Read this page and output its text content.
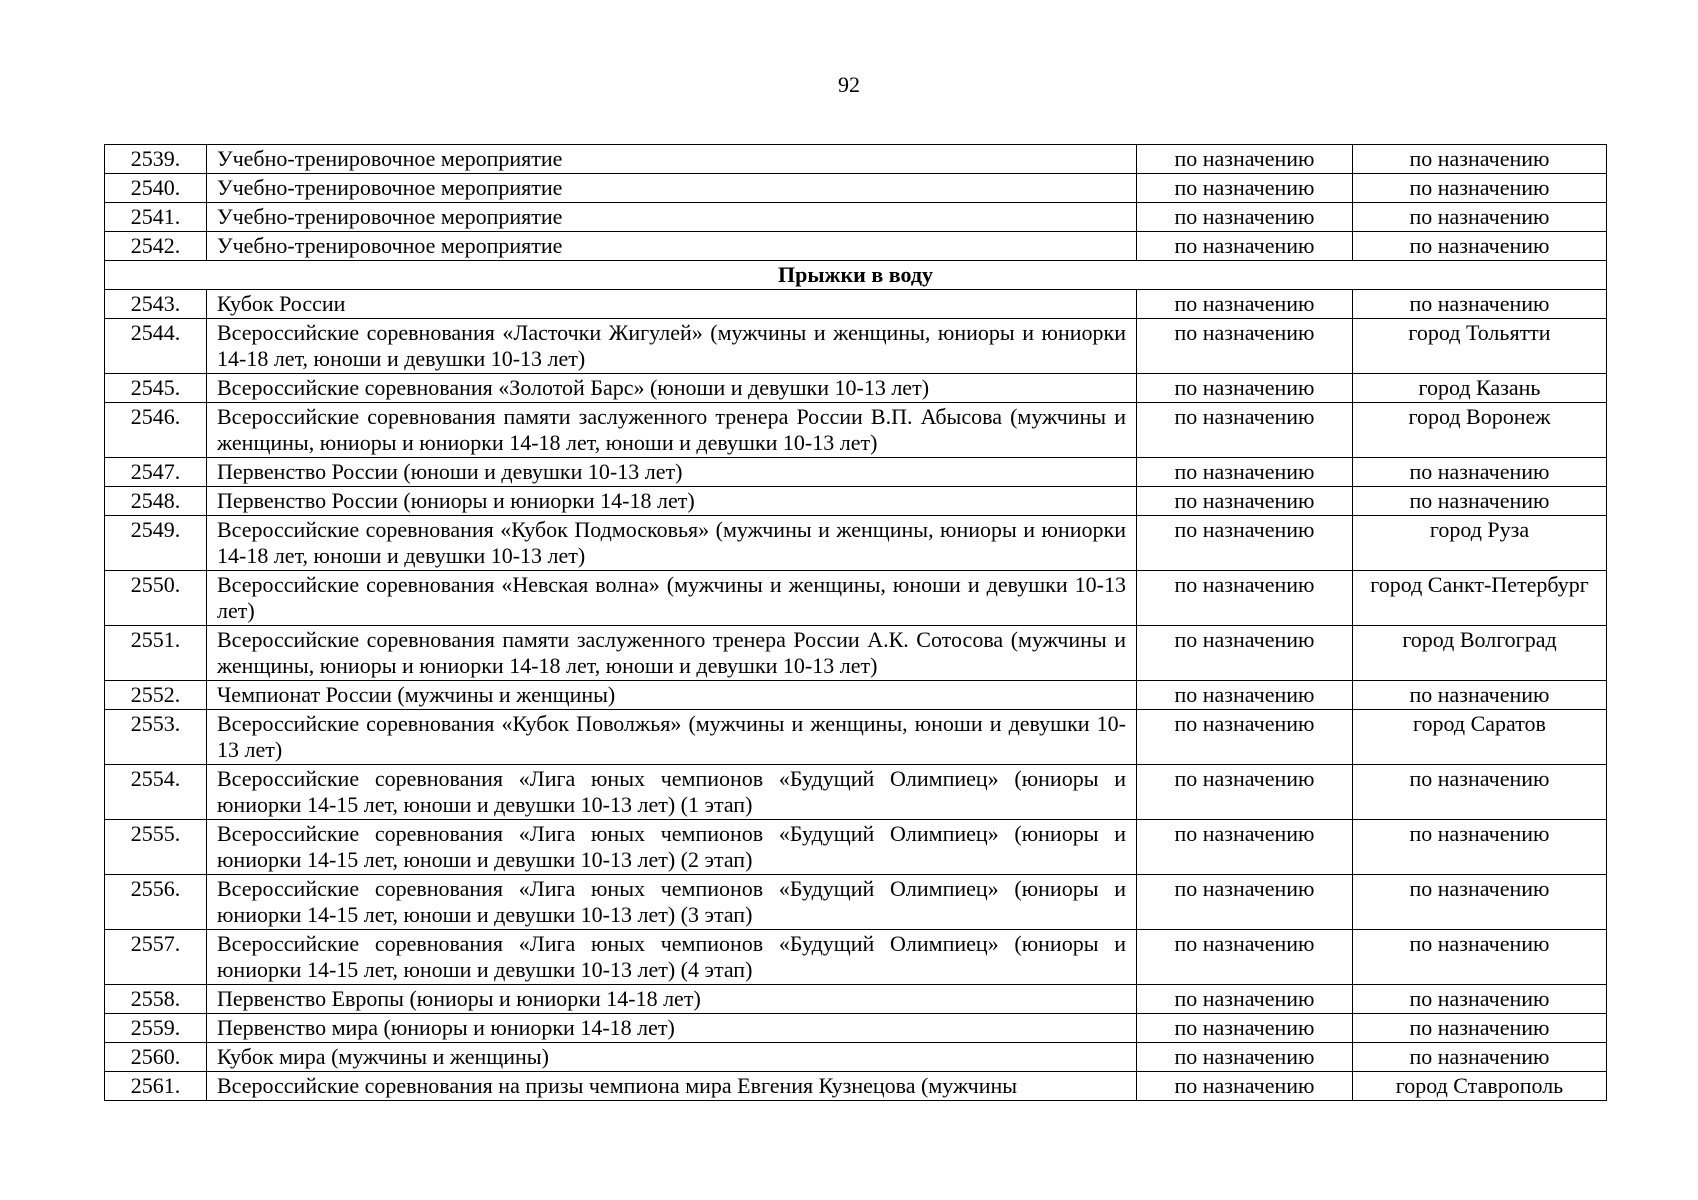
92
2539.	Учебно-тренировочное мероприятие	по назначению	по назначению
2540.	Учебно-тренировочное мероприятие	по назначению	по назначению
2541.	Учебно-тренировочное мероприятие	по назначению	по назначению
2542.	Учебно-тренировочное мероприятие	по назначению	по назначению
Прыжки в воду			
2543.	Кубок России	по назначению	по назначению
2544.	Всероссийские соревнования «Ласточки Жигулей» (мужчины и женщины, юниоры и юниорки 14-18 лет, юноши и девушки 10-13 лет)	по назначению	город Тольятти
2545.	Всероссийские соревнования «Золотой Барс» (юноши и девушки 10-13 лет)	по назначению	город Казань
2546.	Всероссийские соревнования памяти заслуженного тренера России В.П. Абысова (мужчины и женщины, юниоры и юниорки 14-18 лет, юноши и девушки 10-13 лет)	по назначению	город Воронеж
2547.	Первенство России (юноши и девушки 10-13 лет)	по назначению	по назначению
2548.	Первенство России (юниоры и юниорки 14-18 лет)	по назначению	по назначению
2549.	Всероссийские соревнования «Кубок Подмосковья» (мужчины и женщины, юниоры и юниорки 14-18 лет, юноши и девушки 10-13 лет)	по назначению	город Руза
2550.	Всероссийские соревнования «Невская волна» (мужчины и женщины, юноши и девушки 10-13 лет)	по назначению	город Санкт-Петербург
2551.	Всероссийские соревнования памяти заслуженного тренера России А.К. Сотосова (мужчины и женщины, юниоры и юниорки 14-18 лет, юноши и девушки 10-13 лет)	по назначению	город Волгоград
2552.	Чемпионат России (мужчины и женщины)	по назначению	по назначению
2553.	Всероссийские соревнования «Кубок Поволжья» (мужчины и женщины, юноши и девушки 10-13 лет)	по назначению	город Саратов
2554.	Всероссийские соревнования «Лига юных чемпионов «Будущий Олимпиец» (юниоры и юниорки 14-15 лет, юноши и девушки 10-13 лет) (1 этап)	по назначению	по назначению
2555.	Всероссийские соревнования «Лига юных чемпионов «Будущий Олимпиец» (юниоры и юниорки 14-15 лет, юноши и девушки 10-13 лет) (2 этап)	по назначению	по назначению
2556.	Всероссийские соревнования «Лига юных чемпионов «Будущий Олимпиец» (юниоры и юниорки 14-15 лет, юноши и девушки 10-13 лет) (3 этап)	по назначению	по назначению
2557.	Всероссийские соревнования «Лига юных чемпионов «Будущий Олимпиец» (юниоры и юниорки 14-15 лет, юноши и девушки 10-13 лет) (4 этап)	по назначению	по назначению
2558.	Первенство Европы (юниоры и юниорки 14-18 лет)	по назначению	по назначению
2559.	Первенство мира (юниоры и юниорки 14-18 лет)	по назначению	по назначению
2560.	Кубок мира (мужчины и женщины)	по назначению	по назначению
2561.	Всероссийские соревнования на призы чемпиона мира Евгения Кузнецова (мужчины	по назначению	город Ставрополь
